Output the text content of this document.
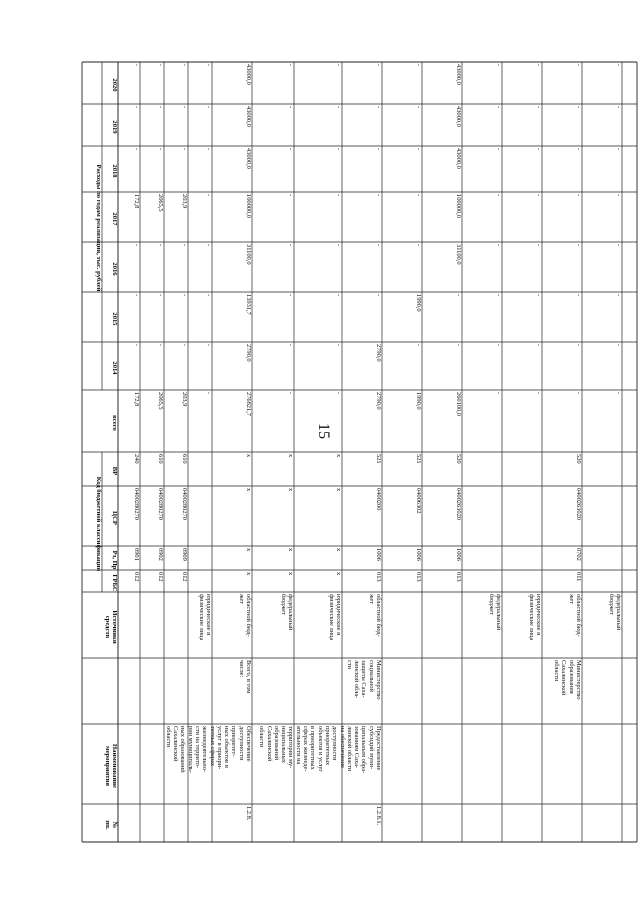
15
№
пп.
Наименование
мероприятия
Источники
средств
Код бюджетной классификации
ГРБС
Рз, Пр
ЦСР
ВР
всего
Расходы по годам реализации, тыс. рублей
2014
2015
2016
2017
2018
2019
2020
012
0901
0400280270
240
172,8
-
-
-
172,8
-
-
-
012
0902
0400280270
610
2065,5
-
-
-
2065,5
-
-
-
012
0909
0400280270
610
203,9
-
-
-
203,9
-
-
-
юридические и
физические лица
-
-
-
-
-
-
-
-
1.2.8.
Обеспечение
доступности
приоритет-
ных объектов и
услуг в приори-
тетных сферах
жизнедеятельно-
сти на террито-
рии муниципаль-
ных образований
Сахалинской
области
Всего, в том
числе:
областной бюд-
жет
x
x
x
x
276821,7
2790,0
13931,7
31100,0
100000,0
43000,0
43000,0
43000,0
федеральный
бюджет
x
x
x
x
-
-
-
-
-
-
-
-
юридические и
физические лица
x
x
x
x
-
-
-
-
-
-
-
-
1.2.8.1.
Предоставление
субсидий муни-
ципальным обра-
зованиям Саха-
линской области
на обеспечение
доступности
приоритетных
объектов и услуг
в приоритетных
сферах жизнеде-
ятельности на
территории му-
ниципальных
образований
Сахалинской
области
Министерство
социальной
защиты Саха-
линской обла-
сти
областной бюд-
жет
013
1006
0400200
521
2790,0
2790,0
-
-
-
-
-
-
013
1006
04006302
521
1990,0
-
1990,0
-
-
-
-
-
013
1006
0400263020
520
260100,0
-
-
31100,0
100000,0
43000,0
43000,0
43000,0
федеральный
бюджет
-
-
-
-
-
-
-
-
юридические и
физические лица
-
-
-
-
-
-
-
-
Министерство
образования
Сахалинской
области
областной бюд-
жет
011
0702
0400263020
520
-
-
-
-
-
-
-
-
федеральный
бюджет
-
-
-
-
-
-
-
-
